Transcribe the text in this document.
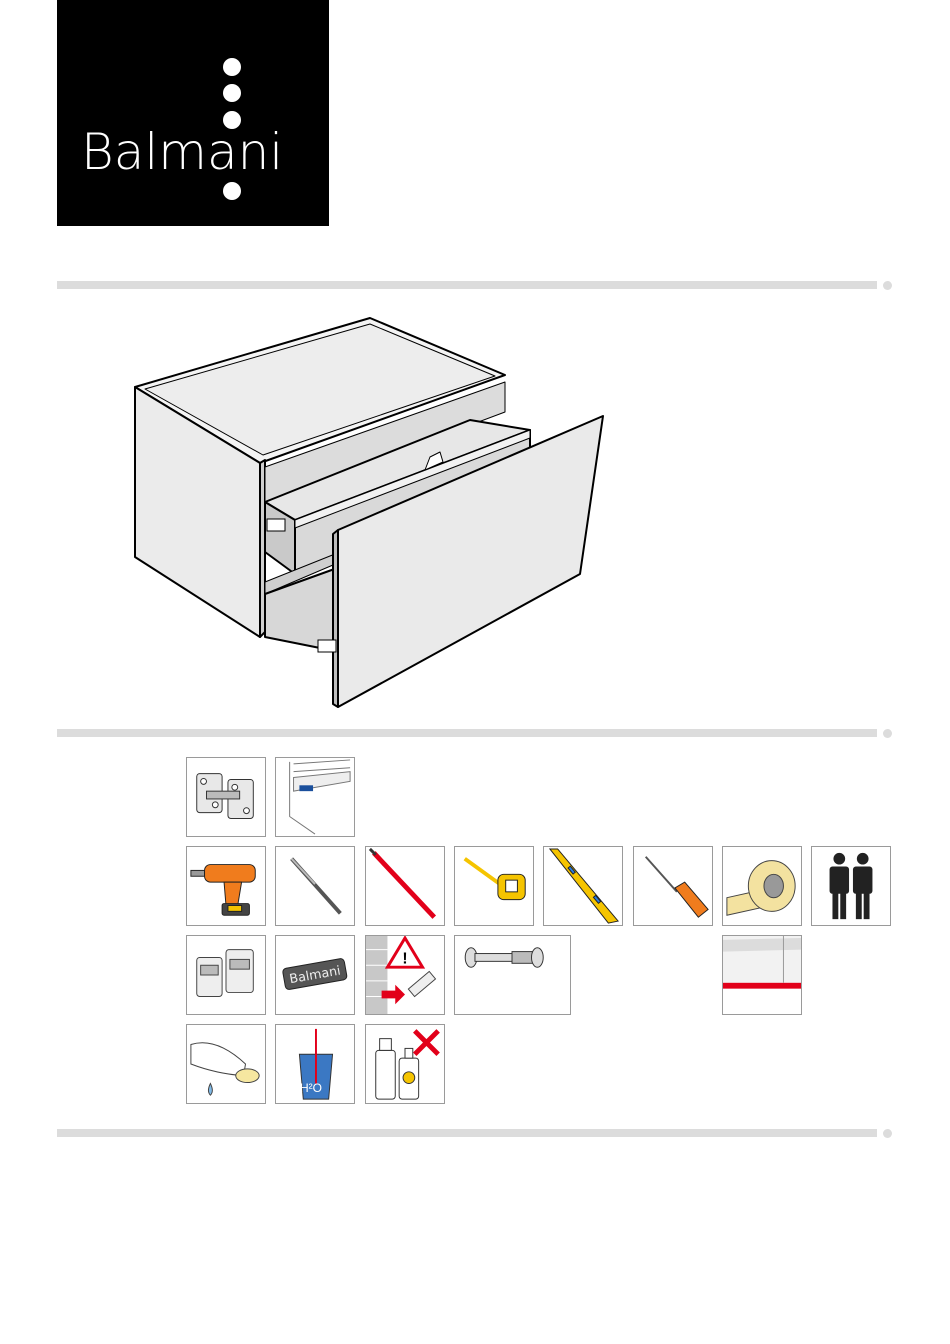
Balmani	®
Balmani
!
H²O
